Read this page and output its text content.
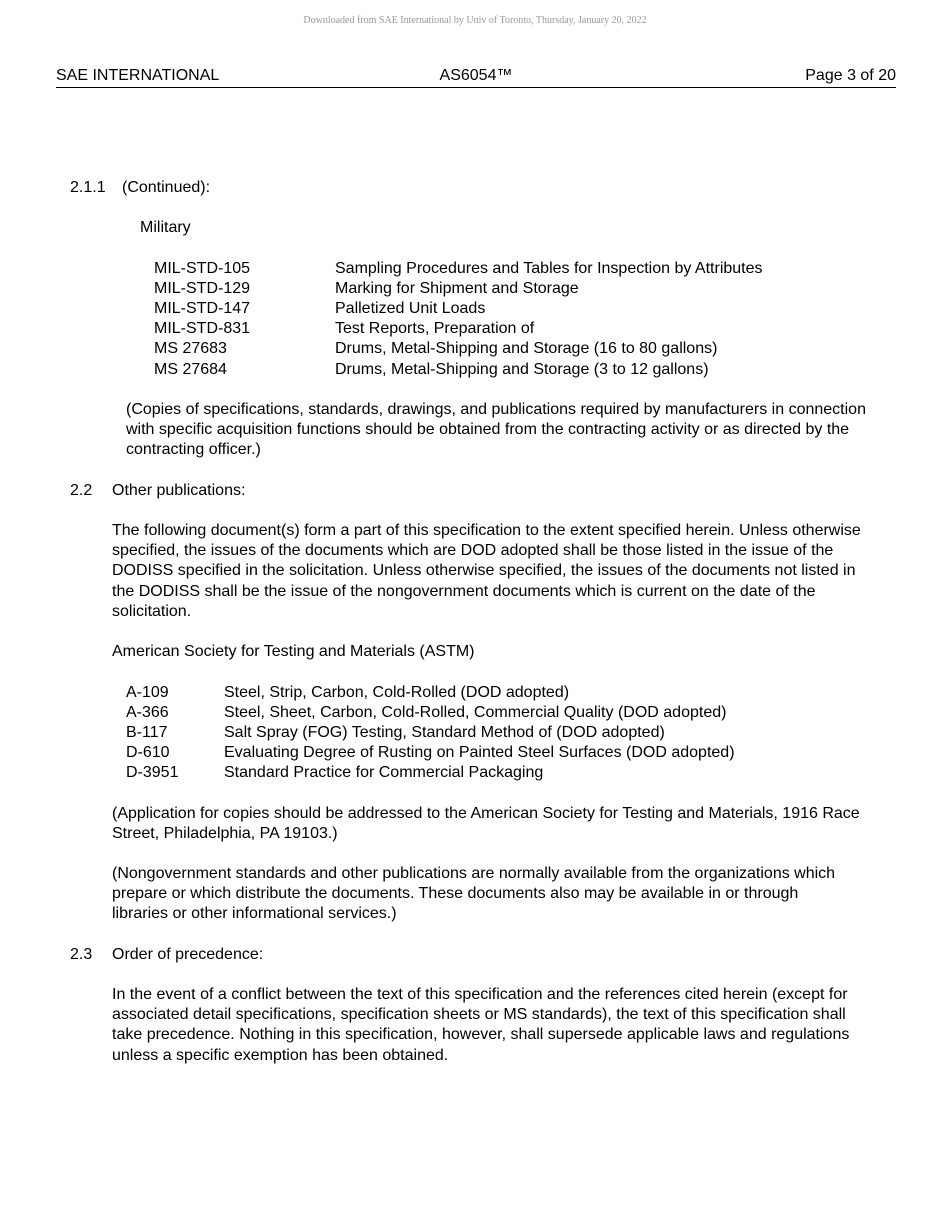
Downloaded from SAE International by Univ of Toronto, Thursday, January 20, 2022
SAE INTERNATIONAL	AS6054™	Page 3 of 20
2.1.1 (Continued):
Military
MIL-STD-105	Sampling Procedures and Tables for Inspection by Attributes
MIL-STD-129	Marking for Shipment and Storage
MIL-STD-147	Palletized Unit Loads
MIL-STD-831	Test Reports, Preparation of
MS 27683	Drums, Metal-Shipping and Storage (16 to 80 gallons)
MS 27684	Drums, Metal-Shipping and Storage (3 to 12 gallons)
(Copies of specifications, standards, drawings, and publications required by manufacturers in connection with specific acquisition functions should be obtained from the contracting activity or as directed by the contracting officer.)
2.2 Other publications:
The following document(s) form a part of this specification to the extent specified herein. Unless otherwise specified, the issues of the documents which are DOD adopted shall be those listed in the issue of the DODISS specified in the solicitation. Unless otherwise specified, the issues of the documents not listed in the DODISS shall be the issue of the nongovernment documents which is current on the date of the solicitation.
American Society for Testing and Materials (ASTM)
A-109	Steel, Strip, Carbon, Cold-Rolled (DOD adopted)
A-366	Steel, Sheet, Carbon, Cold-Rolled, Commercial Quality (DOD adopted)
B-117	Salt Spray (FOG) Testing, Standard Method of (DOD adopted)
D-610	Evaluating Degree of Rusting on Painted Steel Surfaces (DOD adopted)
D-3951	Standard Practice for Commercial Packaging
(Application for copies should be addressed to the American Society for Testing and Materials, 1916 Race Street, Philadelphia, PA 19103.)
(Nongovernment standards and other publications are normally available from the organizations which prepare or which distribute the documents. These documents also may be available in or through libraries or other informational services.)
2.3 Order of precedence:
In the event of a conflict between the text of this specification and the references cited herein (except for associated detail specifications, specification sheets or MS standards), the text of this specification shall take precedence. Nothing in this specification, however, shall supersede applicable laws and regulations unless a specific exemption has been obtained.
